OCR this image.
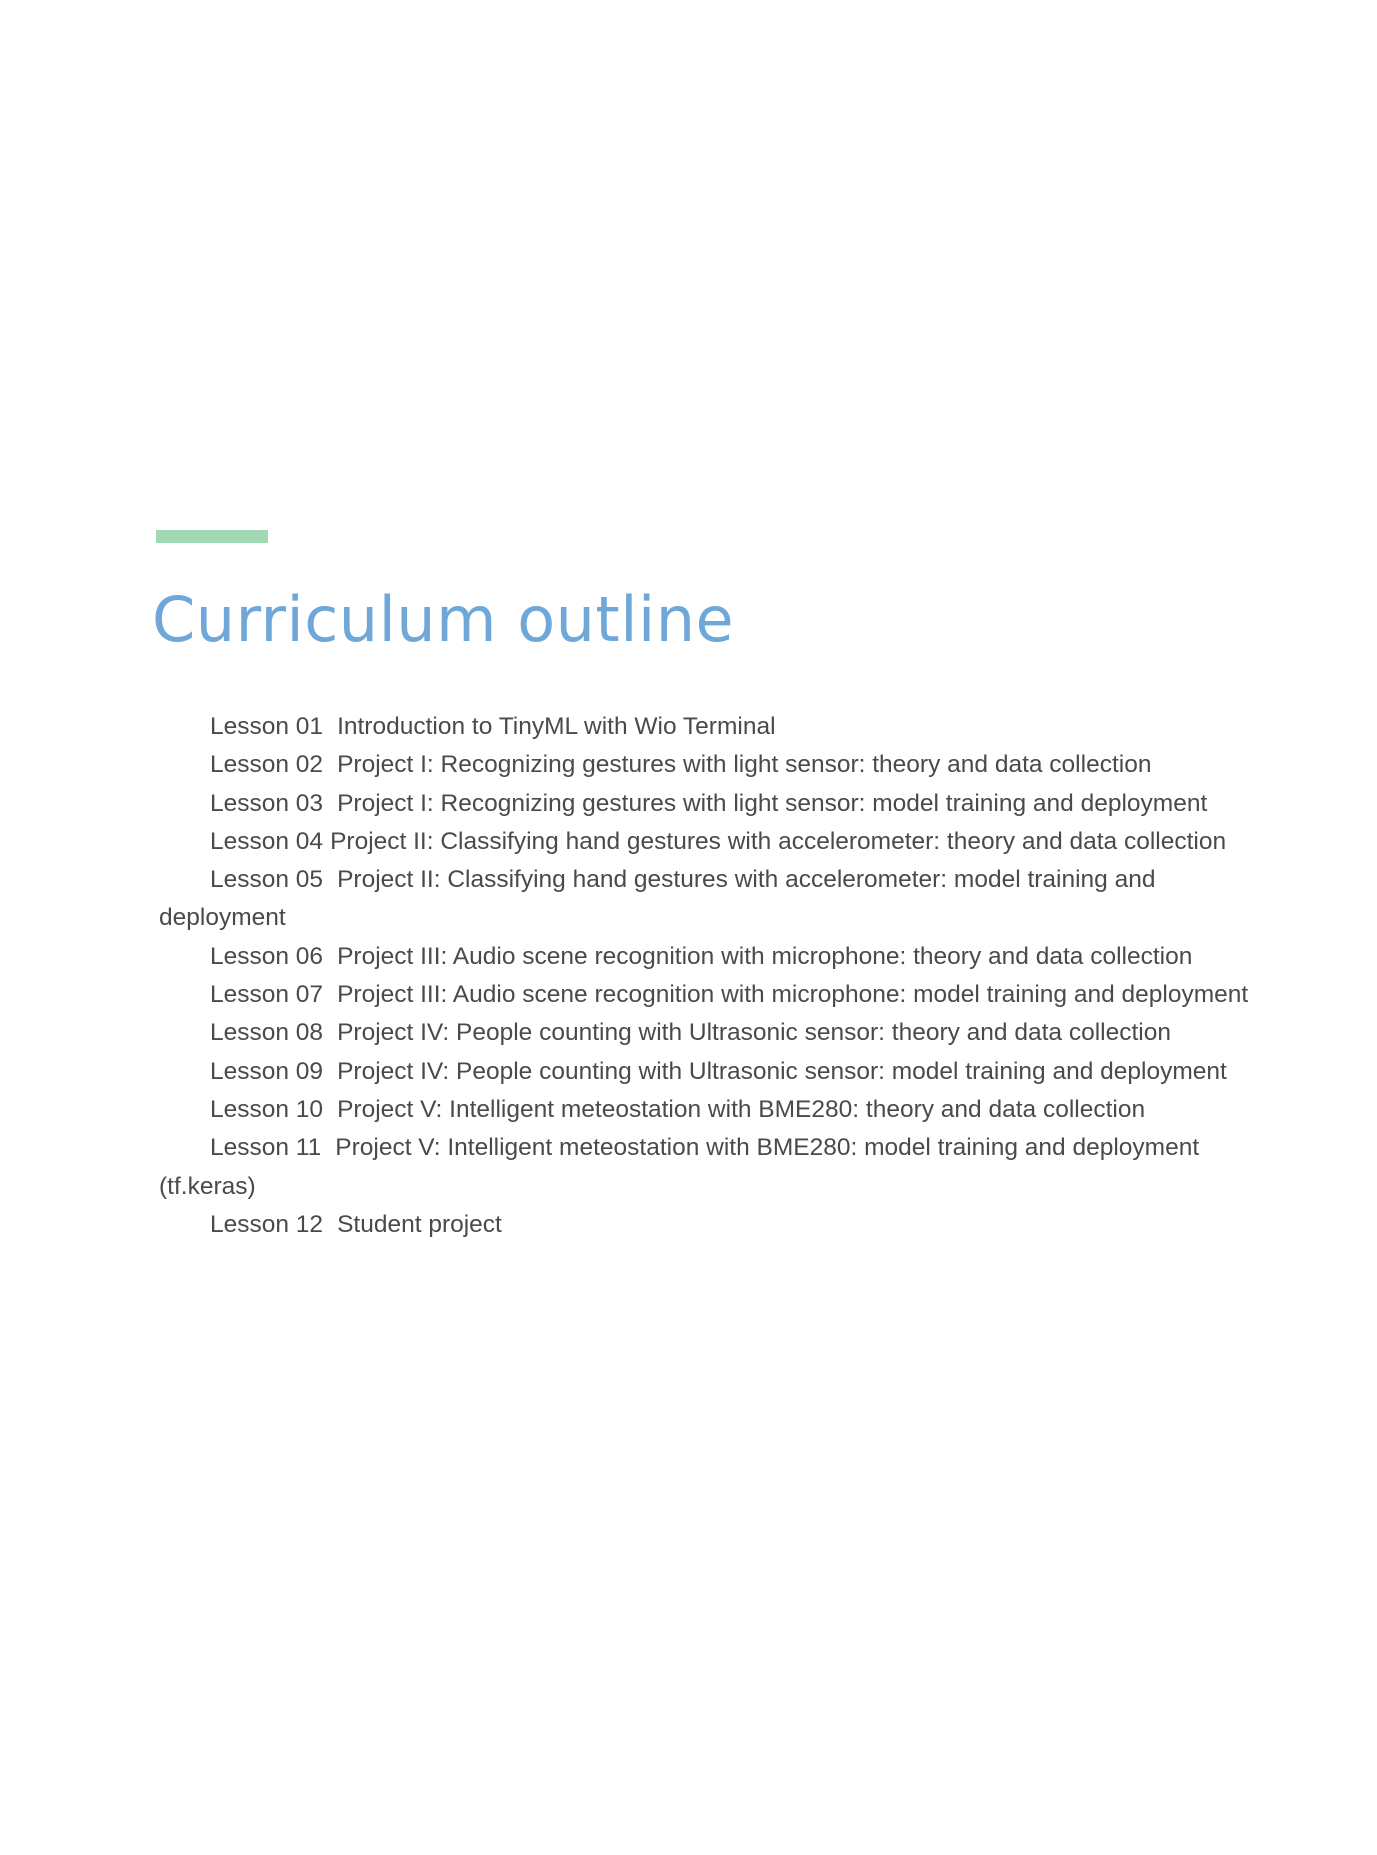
Curriculum outline
Lesson 01 Introduction to TinyML with Wio Terminal
Lesson 02 Project I: Recognizing gestures with light sensor: theory and data collection
Lesson 03 Project I: Recognizing gestures with light sensor: model training and deployment
Lesson 04 Project II: Classifying hand gestures with accelerometer: theory and data collection
Lesson 05 Project II: Classifying hand gestures with accelerometer: model training and deployment
Lesson 06 Project III: Audio scene recognition with microphone: theory and data collection
Lesson 07 Project III: Audio scene recognition with microphone: model training and deployment
Lesson 08 Project IV: People counting with Ultrasonic sensor: theory and data collection
Lesson 09 Project IV: People counting with Ultrasonic sensor: model training and deployment
Lesson 10 Project V: Intelligent meteostation with BME280: theory and data collection
Lesson 11 Project V: Intelligent meteostation with BME280: model training and deployment (tf.keras)
Lesson 12 Student project
